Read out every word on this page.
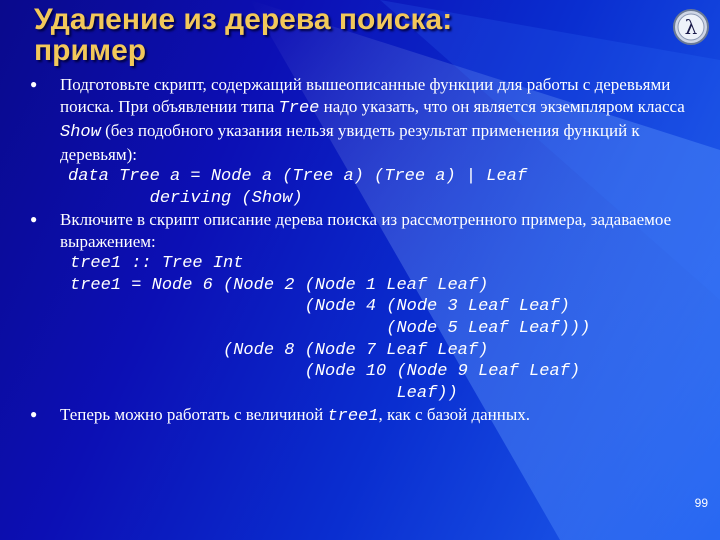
Удаление из дерева поиска:
пример
λ
● Подготовьте скрипт, содержащий вышеописанные функции для работы с деревьями поиска. При объявлении типа Tree надо указать, что он является экземпляром класса Show (без подобного указания нельзя увидеть результат применения функций к деревьям):

data Tree a = Node a (Tree a) (Tree a) | Leaf
deriving (Show)
● Включите в скрипт описание дерева поиска из рассмотренного примера, задаваемое выражением:

tree1 :: Tree Int
tree1 = Node 6 (Node 2 (Node 1 Leaf Leaf)
(Node 4 (Node 3 Leaf Leaf)
(Node 5 Leaf Leaf)))
(Node 8 (Node 7 Leaf Leaf)
(Node 10 (Node 9 Leaf Leaf)
Leaf))
● Теперь можно работать с величиной tree1, как с базой данных.

99
